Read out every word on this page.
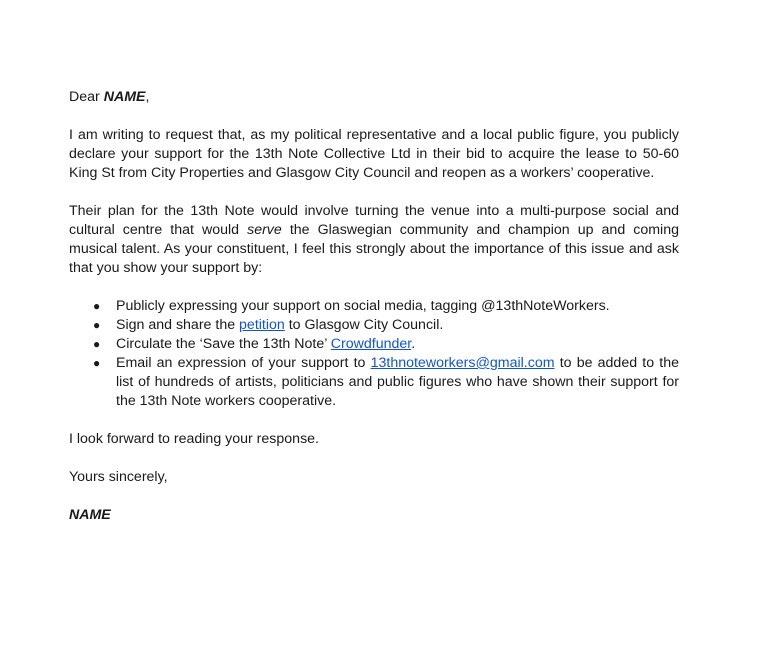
Dear NAME,

I am writing to request that, as my political representative and a local public figure, you publicly declare your support for the 13th Note Collective Ltd in their bid to acquire the lease to 50-60 King St from City Properties and Glasgow City Council and reopen as a workers’ cooperative.

Their plan for the 13th Note would involve turning the venue into a multi-purpose social and cultural centre that would serve the Glaswegian community and champion up and coming musical talent. As your constituent, I feel this strongly about the importance of this issue and ask that you show your support by:

● Publicly expressing your support on social media, tagging @13thNoteWorkers.
● Sign and share the petition to Glasgow City Council.
● Circulate the ‘Save the 13th Note’ Crowdfunder.
● Email an expression of your support to 13thnoteworkers@gmail.com to be added to the list of hundreds of artists, politicians and public figures who have shown their support for the 13th Note workers cooperative.

I look forward to reading your response.

Yours sincerely,

NAME
